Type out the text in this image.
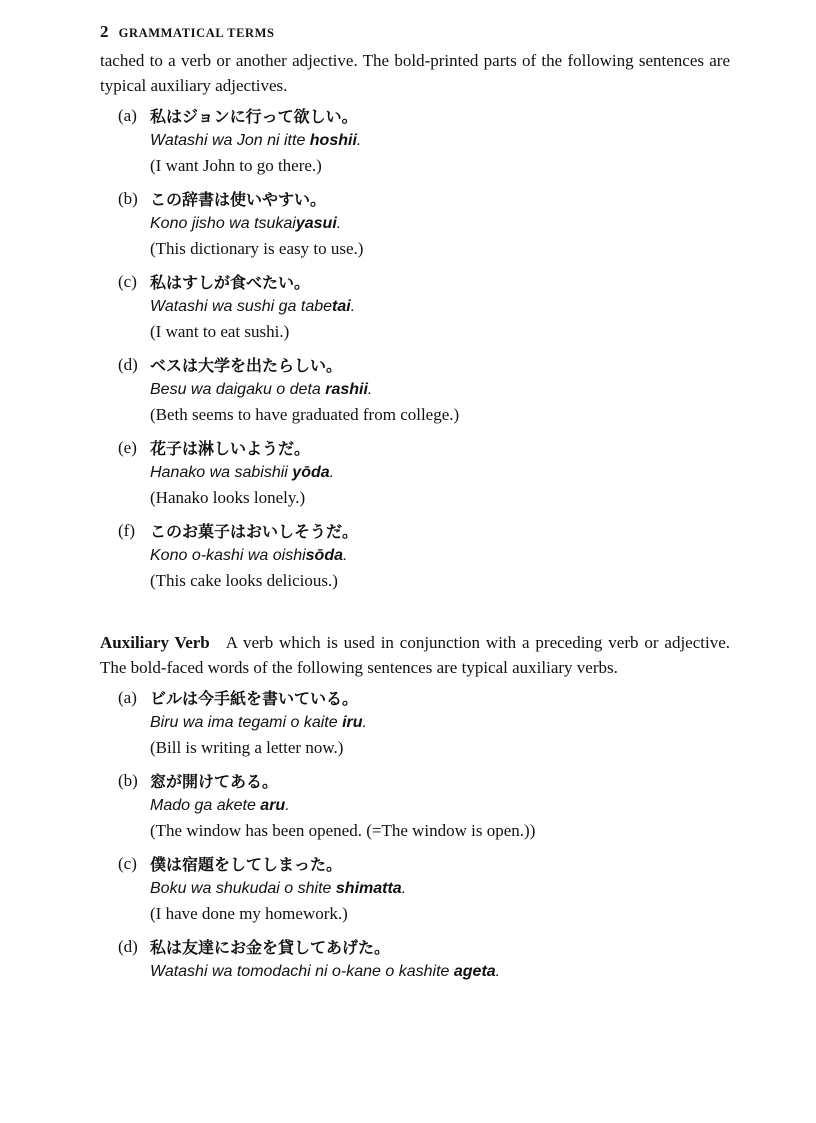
2 GRAMMATICAL TERMS

tached to a verb or another adjective. The bold-printed parts of the following sentences are typical auxiliary adjectives.

(a) 私はジョンに行って欲しい。
Watashi wa Jon ni itte hoshii.
(I want John to go there.)
(b) この辞書は使いやすい。
Kono jisho wa tsukaiyasui.
(This dictionary is easy to use.)
(c) 私はすしが食べたい。
Watashi wa sushi ga tabetai.
(I want to eat sushi.)
(d) ベスは大学を出たらしい。
Besu wa daigaku o deta rashii.
(Beth seems to have graduated from college.)
(e) 花子は淋しいようだ。
Hanako wa sabishii yōda.
(Hanako looks lonely.)
(f) このお菓子はおいしそうだ。
Kono o-kashi wa oishisōda.
(This cake looks delicious.)

Auxiliary Verb A verb which is used in conjunction with a preceding verb or adjective. The bold-faced words of the following sentences are typical auxiliary verbs.

(a) ビルは今手紙を書いている。
Biru wa ima tegami o kaite iru.
(Bill is writing a letter now.)
(b) 窓が開けてある。
Mado ga akete aru.
(The window has been opened. (=The window is open.))
(c) 僕は宿題をしてしまった。
Boku wa shukudai o shite shimatta.
(I have done my homework.)
(d) 私は友達にお金を貸してあげた。
Watashi wa tomodachi ni o-kane o kashite ageta.
